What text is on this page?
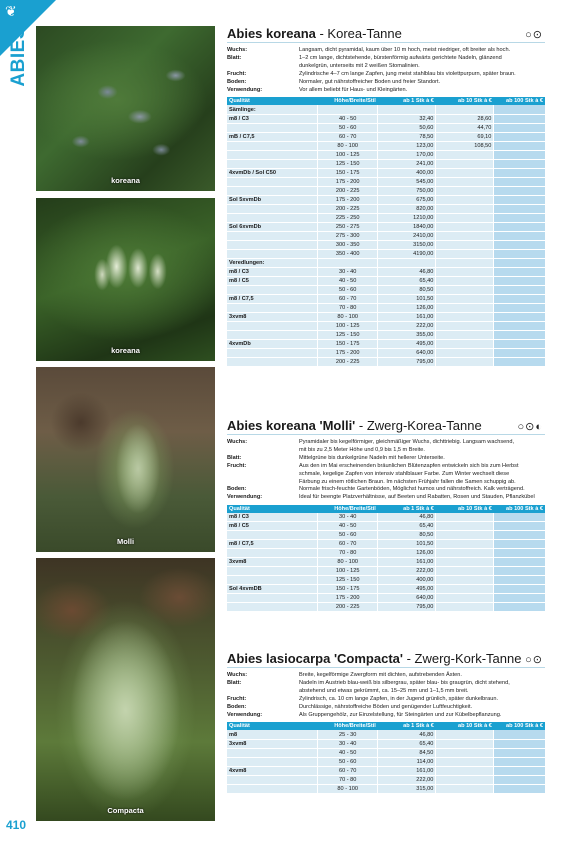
❦
ABIES
koreana
koreana
Molli
Compacta
410
Abies koreana - Korea-Tanne	○⊙
Wuchs:	Langsam, dicht pyramidal, kaum über 10 m hoch, meist niedriger, oft breiter als hoch.
Blatt:	1–2 cm lange, dichtstehende, bürstenförmig aufwärts gerichtete Nadeln, glänzend
dunkelgrün, unterseits mit 2 weißen Stomalinien.
Frucht:	Zylindrische 4–7 cm lange Zapfen, jung meist stahlblau bis violettpurpurn, später braun.
Boden:	Normaler, gut nährstoffreicher Boden und freier Standort.
Verwendung:	Vor allem beliebt für Haus- und Kleingärten.
Qualität	Höhe/Breite/Stil	ab 1 Stk à €	ab 10 Stk à €	ab 100 Stk à €
Sämlinge:				
m8 / C3	40 - 50	32,40	28,60	
	50 - 60	50,60	44,70	
mB / C7,5	60 - 70	78,50	69,10	
	80 - 100	123,00	108,50	
	100 - 125	170,00		
	125 - 150	241,00		
4xvmDb / Sol C50	150 - 175	400,00		
	175 - 200	545,00		
	200 - 225	750,00		
Sol 5xvmDb	175 - 200	675,00		
	200 - 225	820,00		
	225 - 250	1210,00		
Sol 6xvmDb	250 - 275	1840,00		
	275 - 300	2410,00		
	300 - 350	3150,00		
	350 - 400	4190,00		
Veredlungen:				
m8 / C3	30 - 40	46,80		
m8 / C5	40 - 50	65,40		
	50 - 60	80,50		
m8 / C7,5	60 - 70	101,50		
	70 - 80	126,00		
3xvm8	80 - 100	161,00		
	100 - 125	222,00		
	125 - 150	355,00		
4xvmDb	150 - 175	495,00		
	175 - 200	640,00		
	200 - 225	795,00		
Abies koreana 'Molli' - Zwerg-Korea-Tanne	○⊙◐
Wuchs:	Pyramidaler bis kegelförmiger, gleichmäßiger Wuchs, dichttriebig. Langsam wachsend,
mit bis zu 2,5 Meter Höhe und 0,9 bis 1,5 m Breite.
Blatt:	Mittelgrüne bis dunkelgrüne Nadeln mit hellerer Unterseite.
Frucht:	Aus den im Mai erscheinenden bräunlichen Blütenzapfen entwickeln sich bis zum Herbst
schmale, kegelige Zapfen von intensiv stahlblauer Farbe. Zum Winter wechselt diese
Färbung zu einem rötlichen Braun. Im nächsten Frühjahr fallen die Samen schuppig ab.
Boden:	Normale frisch-feuchte Gartenböden, Möglichst humos und nährstoffreich. Kalk verträgend.
Verwendung:	Ideal für beengte Platzverhältnisse, auf Beeten und Rabatten, Rosen und Stauden, Pflanzkübel
Qualität	Höhe/Breite/Stil	ab 1 Stk à €	ab 10 Stk à €	ab 100 Stk à €
m8 / C3	30 - 40	46,80		
m8 / C5	40 - 50	65,40		
	50 - 60	80,50		
m8 / C7,5	60 - 70	101,50		
	70 - 80	126,00		
3xvm8	80 - 100	161,00		
	100 - 125	222,00		
	125 - 150	400,00		
Sol 4xvmDB	150 - 175	495,00		
	175 - 200	640,00		
	200 - 225	795,00		
Abies lasiocarpa 'Compacta' - Zwerg-Kork-Tanne ○⊙
Wuchs:	Breite, kegelförmige Zwergform mit dichten, aufstrebenden Ästen.
Blatt:	Nadeln im Austrieb blau-weiß bis silbergrau, später blau- bis graugrün, dicht stehend,
abstehend und etwas gekrümmt, ca. 15–25 mm und 1–1,5 mm breit.
Frucht:	Zylindrisch, ca. 10 cm lange Zapfen, in der Jugend grünlich, später dunkelbraun.
Boden:	Durchlässige, nährstoffreiche Böden und genügender Luftfeuchtigkeit.
Verwendung:	Als Gruppengehölz, zur Einzelstellung, für Steingärten und zur Kübelbepflanzung.
Qualität	Höhe/Breite/Stil	ab 1 Stk à €	ab 10 Stk à €	ab 100 Stk à €
m8	25 - 30	46,80		
3xvm8	30 - 40	65,40		
	40 - 50	84,50		
	50 - 60	114,00		
4xvm8	60 - 70	161,00		
	70 - 80	222,00		
	80 - 100	315,00		
